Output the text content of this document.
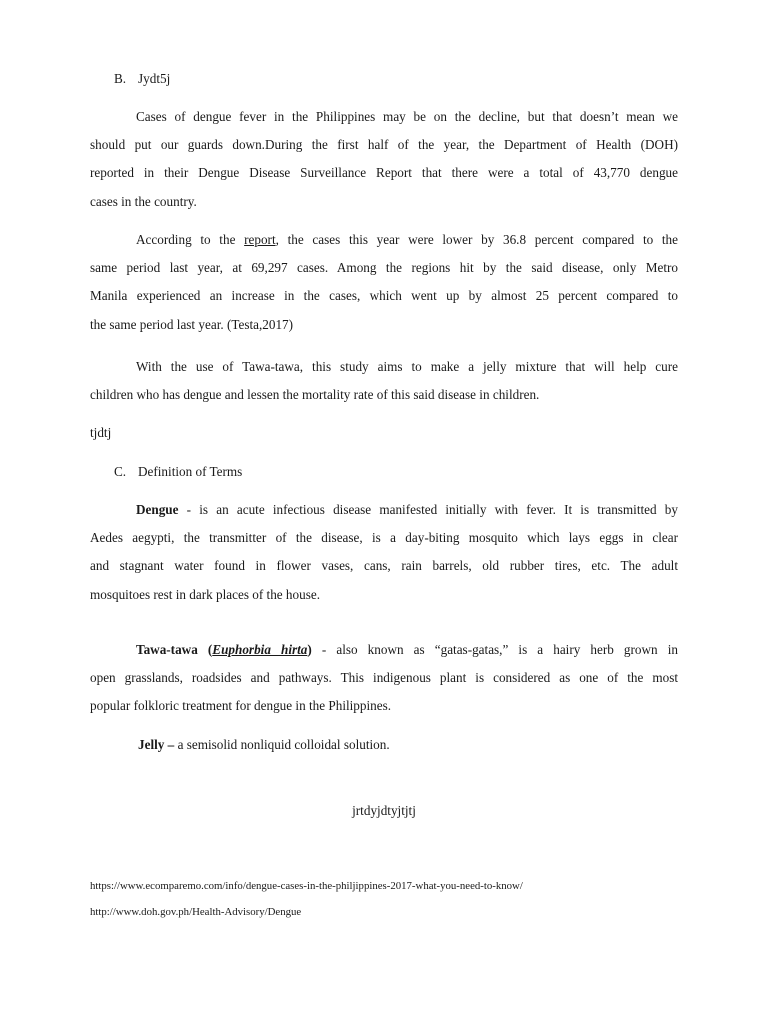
B. Jydt5j
Cases of dengue fever in the Philippines may be on the decline, but that doesn’t mean we
should put our guards down.During the first half of the year, the Department of Health (DOH)
reported in their Dengue Disease Surveillance Report that there were a total of 43,770 dengue
cases in the country.
According to the report, the cases this year were lower by 36.8 percent compared to the
same period last year, at 69,297 cases. Among the regions hit by the said disease, only Metro
Manila experienced an increase in the cases, which went up by almost 25 percent compared to
the same period last year. (Testa,2017)
With the use of Tawa-tawa, this study aims to make a jelly mixture that will help cure
children who has dengue and lessen the mortality rate of this said disease in children.

tjdtj

C. Definition of Terms
Dengue - is an acute infectious disease manifested initially with fever. It is transmitted by
Aedes aegypti, the transmitter of the disease, is a day-biting mosquito which lays eggs in clear
and stagnant water found in flower vases, cans, rain barrels, old rubber tires, etc. The adult
mosquitoes rest in dark places of the house.
Tawa-tawa (Euphorbia hirta) - also known as “gatas-gatas,” is a hairy herb grown in
open grasslands, roadsides and pathways. This indigenous plant is considered as one of the most
popular folkloric treatment for dengue in the Philippines.

Jelly – a semisolid nonliquid colloidal solution.

jrtdyjdtyjtjtj

https://www.ecomparemo.com/info/dengue-cases-in-the-philjippines-2017-what-you-need-to-know/

http://www.doh.gov.ph/Health-Advisory/Dengue
